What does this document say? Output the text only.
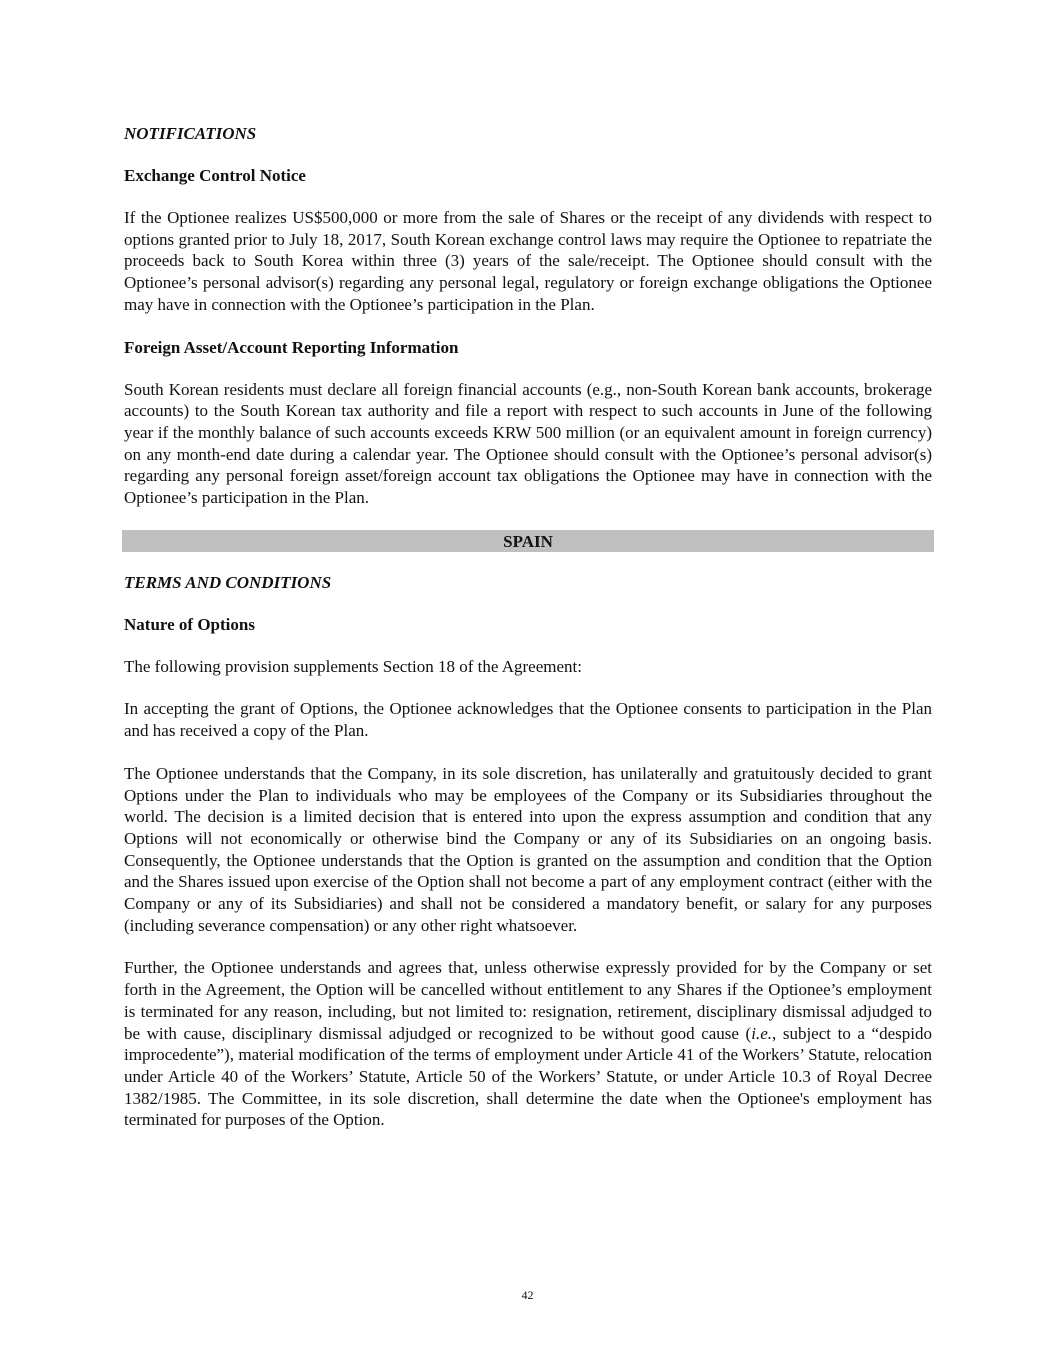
NOTIFICATIONS
Exchange Control Notice

If the Optionee realizes US$500,000 or more from the sale of Shares or the receipt of any dividends with respect to options granted prior to July 18, 2017, South Korean exchange control laws may require the Optionee to repatriate the proceeds back to South Korea within three (3) years of the sale/receipt. The Optionee should consult with the Optionee’s personal advisor(s) regarding any personal legal, regulatory or foreign exchange obligations the Optionee may have in connection with the Optionee’s participation in the Plan.

Foreign Asset/Account Reporting Information

South Korean residents must declare all foreign financial accounts (e.g., non-South Korean bank accounts, brokerage accounts) to the South Korean tax authority and file a report with respect to such accounts in June of the following year if the monthly balance of such accounts exceeds KRW 500 million (or an equivalent amount in foreign currency) on any month-end date during a calendar year. The Optionee should consult with the Optionee’s personal advisor(s) regarding any personal foreign asset/foreign account tax obligations the Optionee may have in connection with the Optionee’s participation in the Plan.

SPAIN
TERMS AND CONDITIONS
Nature of Options

The following provision supplements Section 18 of the Agreement:

In accepting the grant of Options, the Optionee acknowledges that the Optionee consents to participation in the Plan and has received a copy of the Plan.

The Optionee understands that the Company, in its sole discretion, has unilaterally and gratuitously decided to grant Options under the Plan to individuals who may be employees of the Company or its Subsidiaries throughout the world. The decision is a limited decision that is entered into upon the express assumption and condition that any Options will not economically or otherwise bind the Company or any of its Subsidiaries on an ongoing basis. Consequently, the Optionee understands that the Option is granted on the assumption and condition that the Option and the Shares issued upon exercise of the Option shall not become a part of any employment contract (either with the Company or any of its Subsidiaries) and shall not be considered a mandatory benefit, or salary for any purposes (including severance compensation) or any other right whatsoever.

Further, the Optionee understands and agrees that, unless otherwise expressly provided for by the Company or set forth in the Agreement, the Option will be cancelled without entitlement to any Shares if the Optionee’s employment is terminated for any reason, including, but not limited to: resignation, retirement, disciplinary dismissal adjudged to be with cause, disciplinary dismissal adjudged or recognized to be without good cause (i.e., subject to a “despido improcedente”), material modification of the terms of employment under Article 41 of the Workers’ Statute, relocation under Article 40 of the Workers’ Statute, Article 50 of the Workers’ Statute, or under Article 10.3 of Royal Decree 1382/1985. The Committee, in its sole discretion, shall determine the date when the Optionee's employment has terminated for purposes of the Option.

42
